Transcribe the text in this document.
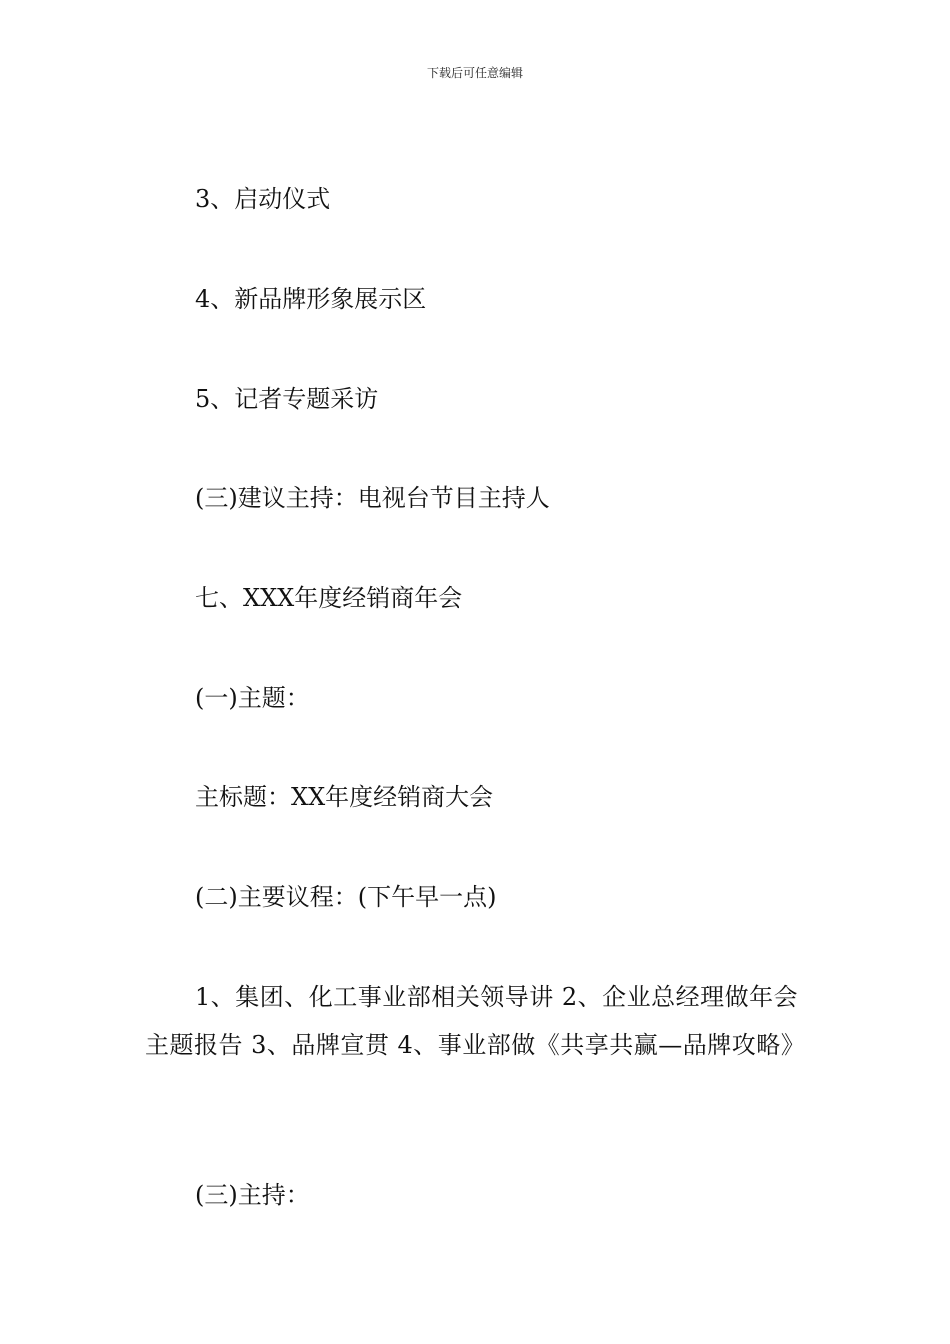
下载后可任意编辑
3、启动仪式
4、新品牌形象展示区
5、记者专题采访
(三)建议主持：电视台节目主持人
七、XXX年度经销商年会
(一)主题：
主标题：XX年度经销商大会
(二)主要议程：(下午早一点)
1、集团、化工事业部相关领导讲 2、企业总经理做年会主题报告 3、品牌宣贯 4、事业部做《共享共赢—品牌攻略》
(三)主持：
